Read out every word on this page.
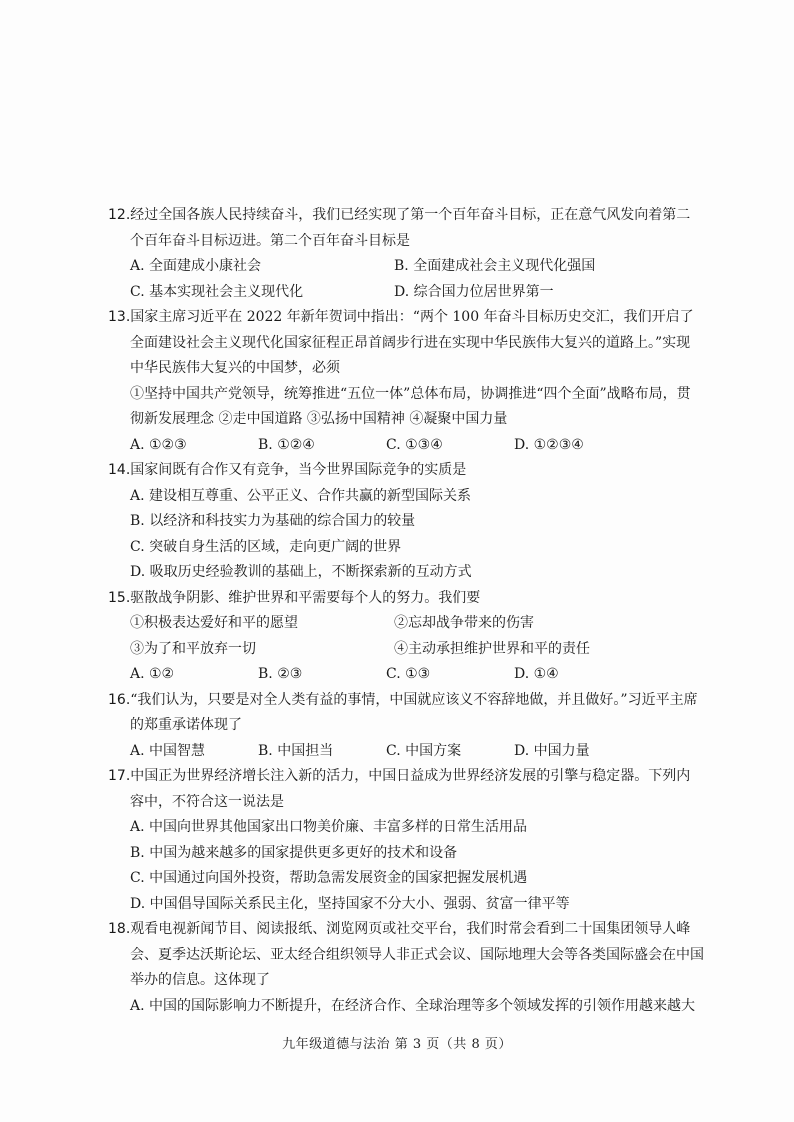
12.经过全国各族人民持续奋斗，我们已经实现了第一个百年奋斗目标，正在意气风发向着第二个百年奋斗目标迈进。第二个百年奋斗目标是

A. 全面建成小康社会	B. 全面建成社会主义现代化强国
C. 基本实现社会主义现代化	D. 综合国力位居世界第一

13.国家主席习近平在 2022 年新年贺词中指出：“两个 100 年奋斗目标历史交汇，我们开启了全面建设社会主义现代化国家征程正昂首阔步行进在实现中华民族伟大复兴的道路上。”实现中华民族伟大复兴的中国梦，必须

①坚持中国共产党领导，统筹推进“五位一体”总体布局，协调推进“四个全面”战略布局，贯彻新发展理念 ②走中国道路 ③弘扬中国精神 ④凝聚中国力量

A. ①②③	B. ①②④	C. ①③④	D. ①②③④

14.国家间既有合作又有竞争，当今世界国际竞争的实质是

A. 建设相互尊重、公平正义、合作共赢的新型国际关系

B. 以经济和科技实力为基础的综合国力的较量

C. 突破自身生活的区域，走向更广阔的世界

D. 吸取历史经验教训的基础上，不断探索新的互动方式

15.驱散战争阴影、维护世界和平需要每个人的努力。我们要

①积极表达爱好和平的愿望	②忘却战争带来的伤害
③为了和平放弃一切	④主动承担维护世界和平的责任
A. ①②	B. ②③	C. ①③	D. ①④

16.“我们认为，只要是对全人类有益的事情，中国就应该义不容辞地做，并且做好。”习近平主席的郑重承诺体现了

A. 中国智慧	B. 中国担当	C. 中国方案	D. 中国力量

17.中国正为世界经济增长注入新的活力，中国日益成为世界经济发展的引擎与稳定器。下列内容中，不符合这一说法是

A. 中国向世界其他国家出口物美价廉、丰富多样的日常生活用品

B. 中国为越来越多的国家提供更多更好的技术和设备

C. 中国通过向国外投资，帮助急需发展资金的国家把握发展机遇

D. 中国倡导国际关系民主化，坚持国家不分大小、强弱、贫富一律平等

18.观看电视新闻节目、阅读报纸、浏览网页或社交平台，我们时常会看到二十国集团领导人峰会、夏季达沃斯论坛、亚太经合组织领导人非正式会议、国际地理大会等各类国际盛会在中国举办的信息。这体现了

A. 中国的国际影响力不断提升，在经济合作、全球治理等多个领域发挥的引领作用越来越大

九年级道德与法治 第 3 页（共 8 页）
